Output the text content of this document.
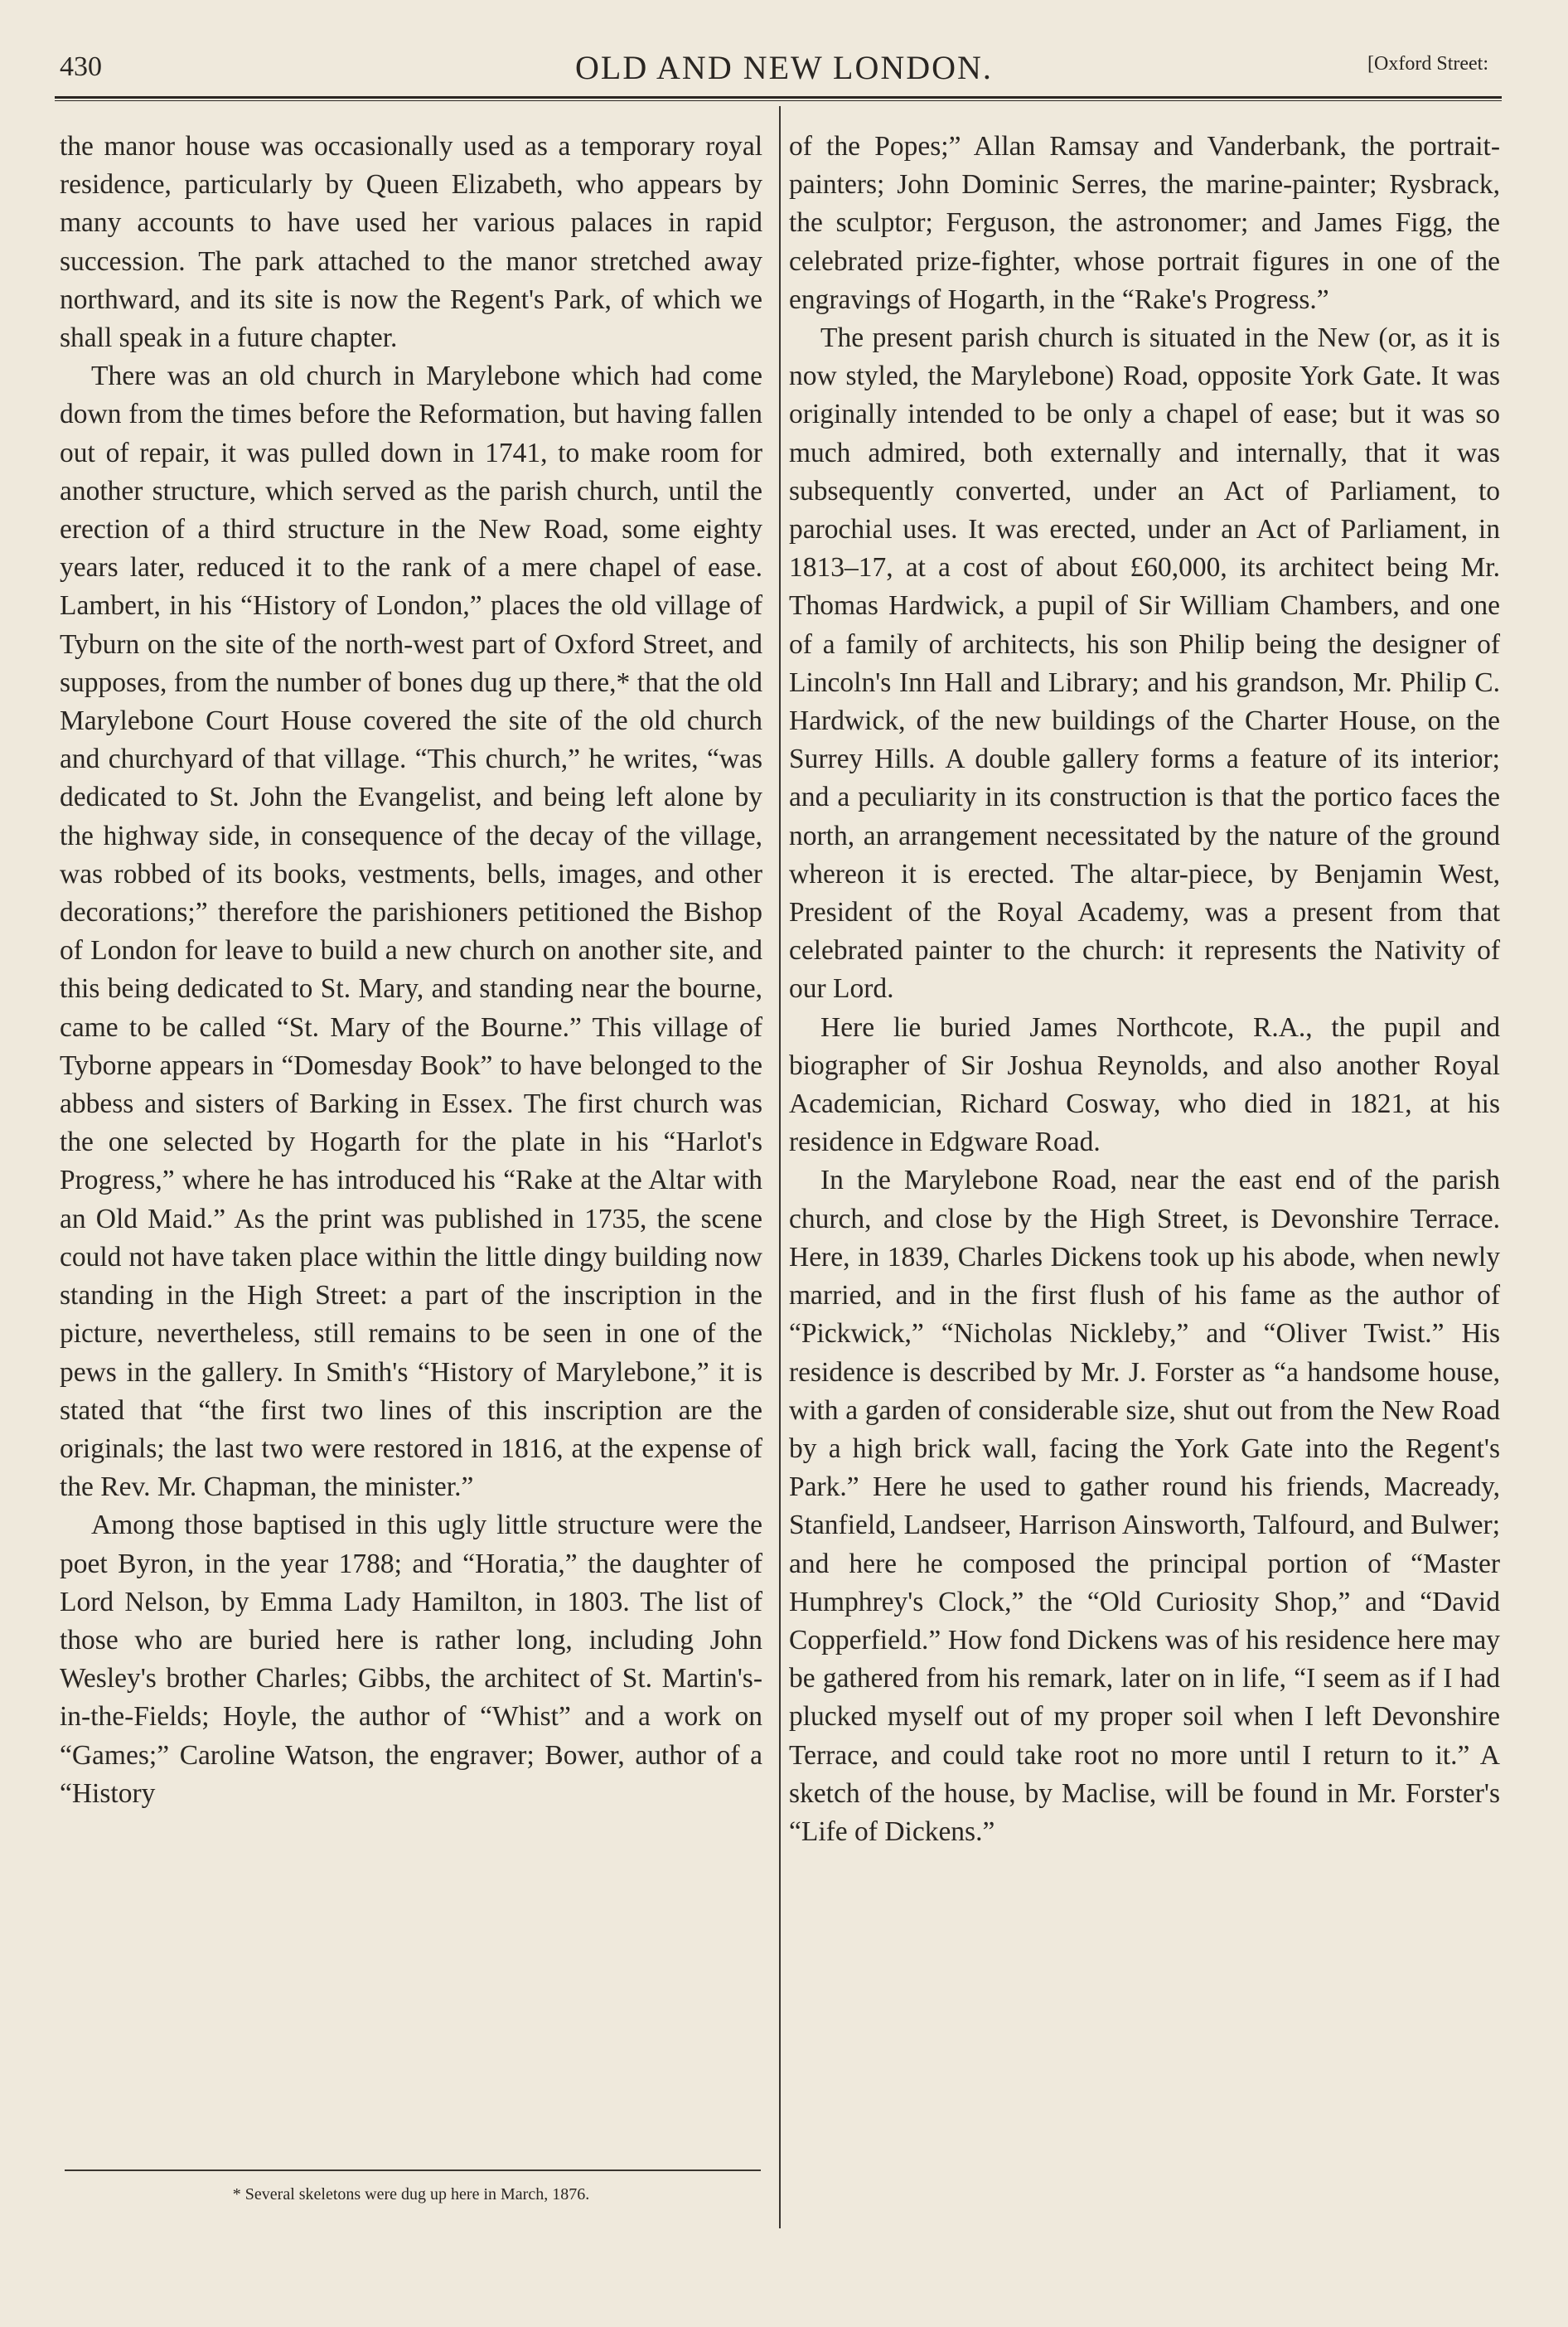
430	OLD AND NEW LONDON.	[Oxford Street:

the manor house was occasionally used as a temporary royal residence, particularly by Queen Elizabeth, who appears by many accounts to have used her various palaces in rapid succession. The park attached to the manor stretched away northward, and its site is now the Regent's Park, of which we shall speak in a future chapter.

There was an old church in Marylebone which had come down from the times before the Reformation, but having fallen out of repair, it was pulled down in 1741, to make room for another structure, which served as the parish church, until the erection of a third structure in the New Road, some eighty years later, reduced it to the rank of a mere chapel of ease. Lambert, in his “History of London,” places the old village of Tyburn on the site of the north-west part of Oxford Street, and supposes, from the number of bones dug up there,* that the old Marylebone Court House covered the site of the old church and churchyard of that village. “This church,” he writes, “was dedicated to St. John the Evangelist, and being left alone by the highway side, in consequence of the decay of the village, was robbed of its books, vestments, bells, images, and other decorations;” therefore the parishioners petitioned the Bishop of London for leave to build a new church on another site, and this being dedicated to St. Mary, and standing near the bourne, came to be called “St. Mary of the Bourne.” This village of Tyborne appears in “Domesday Book” to have belonged to the abbess and sisters of Barking in Essex. The first church was the one selected by Hogarth for the plate in his “Harlot's Progress,” where he has introduced his “Rake at the Altar with an Old Maid.” As the print was published in 1735, the scene could not have taken place within the little dingy building now standing in the High Street: a part of the inscription in the picture, nevertheless, still remains to be seen in one of the pews in the gallery. In Smith's “History of Marylebone,” it is stated that “the first two lines of this inscription are the originals; the last two were restored in 1816, at the expense of the Rev. Mr. Chapman, the minister.”

Among those baptised in this ugly little structure were the poet Byron, in the year 1788; and “Horatia,” the daughter of Lord Nelson, by Emma Lady Hamilton, in 1803. The list of those who are buried here is rather long, including John Wesley's brother Charles; Gibbs, the architect of St. Martin's-in-the-Fields; Hoyle, the author of “Whist” and a work on “Games;” Caroline Watson, the engraver; Bower, author of a “History

of the Popes;” Allan Ramsay and Vanderbank, the portrait-painters; John Dominic Serres, the marine-painter; Rysbrack, the sculptor; Ferguson, the astronomer; and James Figg, the celebrated prize-fighter, whose portrait figures in one of the engravings of Hogarth, in the “Rake's Progress.”

The present parish church is situated in the New (or, as it is now styled, the Marylebone) Road, opposite York Gate. It was originally intended to be only a chapel of ease; but it was so much admired, both externally and internally, that it was subsequently converted, under an Act of Parliament, to parochial uses. It was erected, under an Act of Parliament, in 1813–17, at a cost of about £60,000, its architect being Mr. Thomas Hardwick, a pupil of Sir William Chambers, and one of a family of architects, his son Philip being the designer of Lincoln's Inn Hall and Library; and his grandson, Mr. Philip C. Hardwick, of the new buildings of the Charter House, on the Surrey Hills. A double gallery forms a feature of its interior; and a peculiarity in its construction is that the portico faces the north, an arrangement necessitated by the nature of the ground whereon it is erected. The altar-piece, by Benjamin West, President of the Royal Academy, was a present from that celebrated painter to the church: it represents the Nativity of our Lord.

Here lie buried James Northcote, R.A., the pupil and biographer of Sir Joshua Reynolds, and also another Royal Academician, Richard Cosway, who died in 1821, at his residence in Edgware Road.

In the Marylebone Road, near the east end of the parish church, and close by the High Street, is Devonshire Terrace. Here, in 1839, Charles Dickens took up his abode, when newly married, and in the first flush of his fame as the author of “Pickwick,” “Nicholas Nickleby,” and “Oliver Twist.” His residence is described by Mr. J. Forster as “a handsome house, with a garden of considerable size, shut out from the New Road by a high brick wall, facing the York Gate into the Regent's Park.” Here he used to gather round his friends, Macready, Stanfield, Landseer, Harrison Ainsworth, Talfourd, and Bulwer; and here he composed the principal portion of “Master Humphrey's Clock,” the “Old Curiosity Shop,” and “David Copperfield.” How fond Dickens was of his residence here may be gathered from his remark, later on in life, “I seem as if I had plucked myself out of my proper soil when I left Devonshire Terrace, and could take root no more until I return to it.” A sketch of the house, by Maclise, will be found in Mr. Forster's “Life of Dickens.”

* Several skeletons were dug up here in March, 1876.
